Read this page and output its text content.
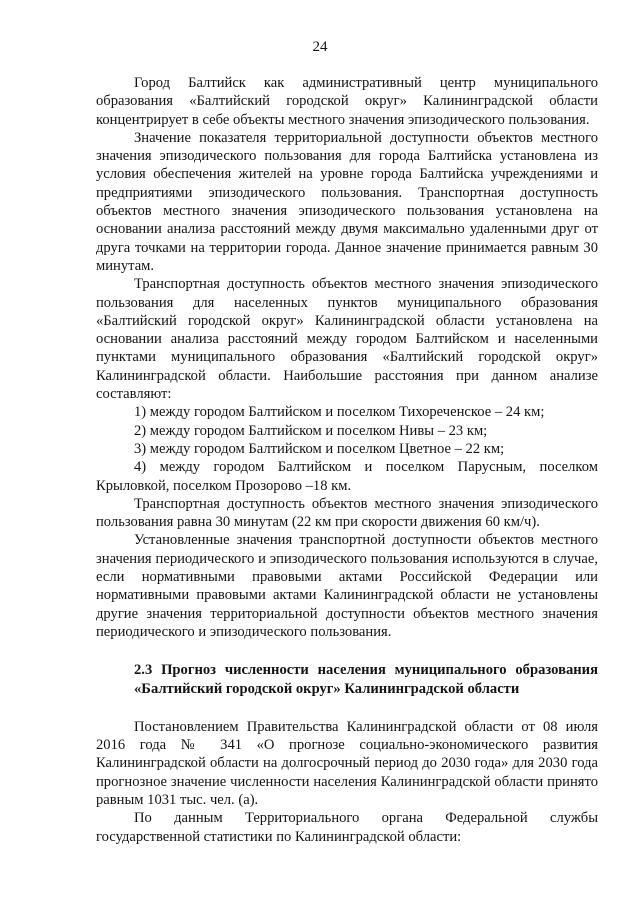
24

Город Балтийск как административный центр муниципального образования «Балтийский городской округ» Калининградской области концентрирует в себе объекты местного значения эпизодического пользования.

Значение показателя территориальной доступности объектов местного значения эпизодического пользования для города Балтийска установлена из условия обеспечения жителей на уровне города Балтийска учреждениями и предприятиями эпизодического пользования. Транспортная доступность объектов местного значения эпизодического пользования установлена на основании анализа расстояний между двумя максимально удаленными друг от друга точками на территории города. Данное значение принимается равным 30 минутам.

Транспортная доступность объектов местного значения эпизодического пользования для населенных пунктов муниципального образования «Балтийский городской округ» Калининградской области установлена на основании анализа расстояний между городом Балтийском и населенными пунктами муниципального образования «Балтийский городской округ» Калининградской области. Наибольшие расстояния при данном анализе составляют:

1) между городом Балтийском и поселком Тихореченское – 24 км;

2) между городом Балтийском и поселком Нивы – 23 км;

3) между городом Балтийском и поселком Цветное – 22 км;

4) между городом Балтийском и поселком Парусным, поселком Крыловкой, поселком Прозорово –18 км.

Транспортная доступность объектов местного значения эпизодического пользования равна 30 минутам (22 км при скорости движения 60 км/ч).

Установленные значения транспортной доступности объектов местного значения периодического и эпизодического пользования используются в случае, если нормативными правовыми актами Российской Федерации или нормативными правовыми актами Калининградской области не установлены другие значения территориальной доступности объектов местного значения периодического и эпизодического пользования.

2.3 Прогноз численности населения муниципального образования «Балтийский городской округ» Калининградской области

Постановлением Правительства Калининградской области от 08 июля 2016 года № 341 «О прогнозе социально-экономического развития Калининградской области на долгосрочный период до 2030 года» для 2030 года прогнозное значение численности населения Калининградской области принято равным 1031 тыс. чел. (а).

По данным Территориального органа Федеральной службы государственной статистики по Калининградской области:
